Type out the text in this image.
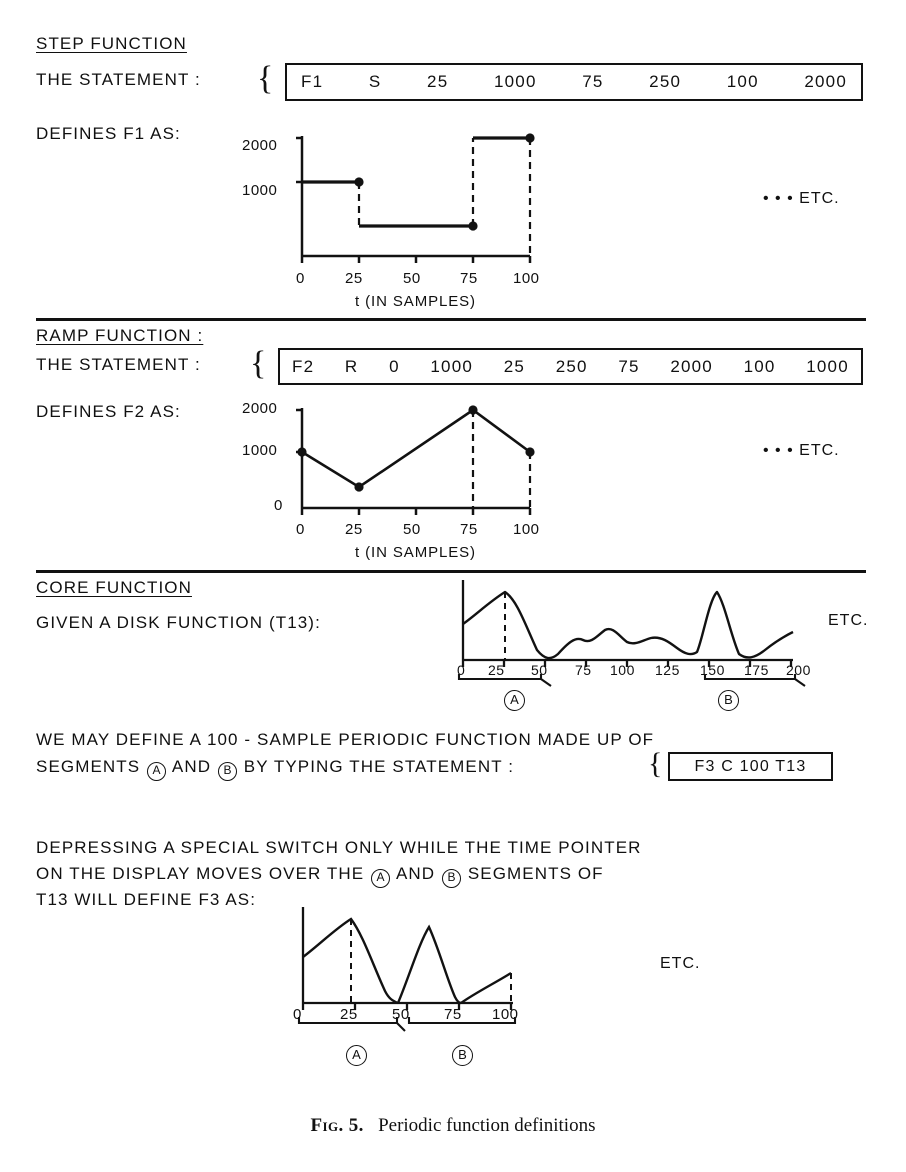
STEP FUNCTION
THE STATEMENT : { F1	S	25	1000	75	250	100	2000
DEFINES F1 AS:
2000
1000
0	25	50	75 100
t (IN SAMPLES)
• • • ETC.
RAMP FUNCTION :
THE STATEMENT : { F2 R 0 1000 25 250 75 2000 100 1000
DEFINES F2 AS:	2000
1000
0
0	25	50	75 100
t (IN SAMPLES)
• • • ETC.
CORE FUNCTION
GIVEN A DISK FUNCTION (T13):
0 25 50 75 100 125 150 175 200
A	B
ETC.
WE MAY DEFINE A 100 - SAMPLE PERIODIC FUNCTION MADE UP OF
SEGMENTS A AND B BY TYPING THE STATEMENT :	{ F3 C 100 T13
DEPRESSING A SPECIAL SWITCH ONLY WHILE THE TIME POINTER
ON THE DISPLAY MOVES OVER THE A AND B SEGMENTS OF
T13 WILL DEFINE F3 AS:
0	25 50 75 100
A	B
ETC.
Fig. 5. Periodic function definitions
